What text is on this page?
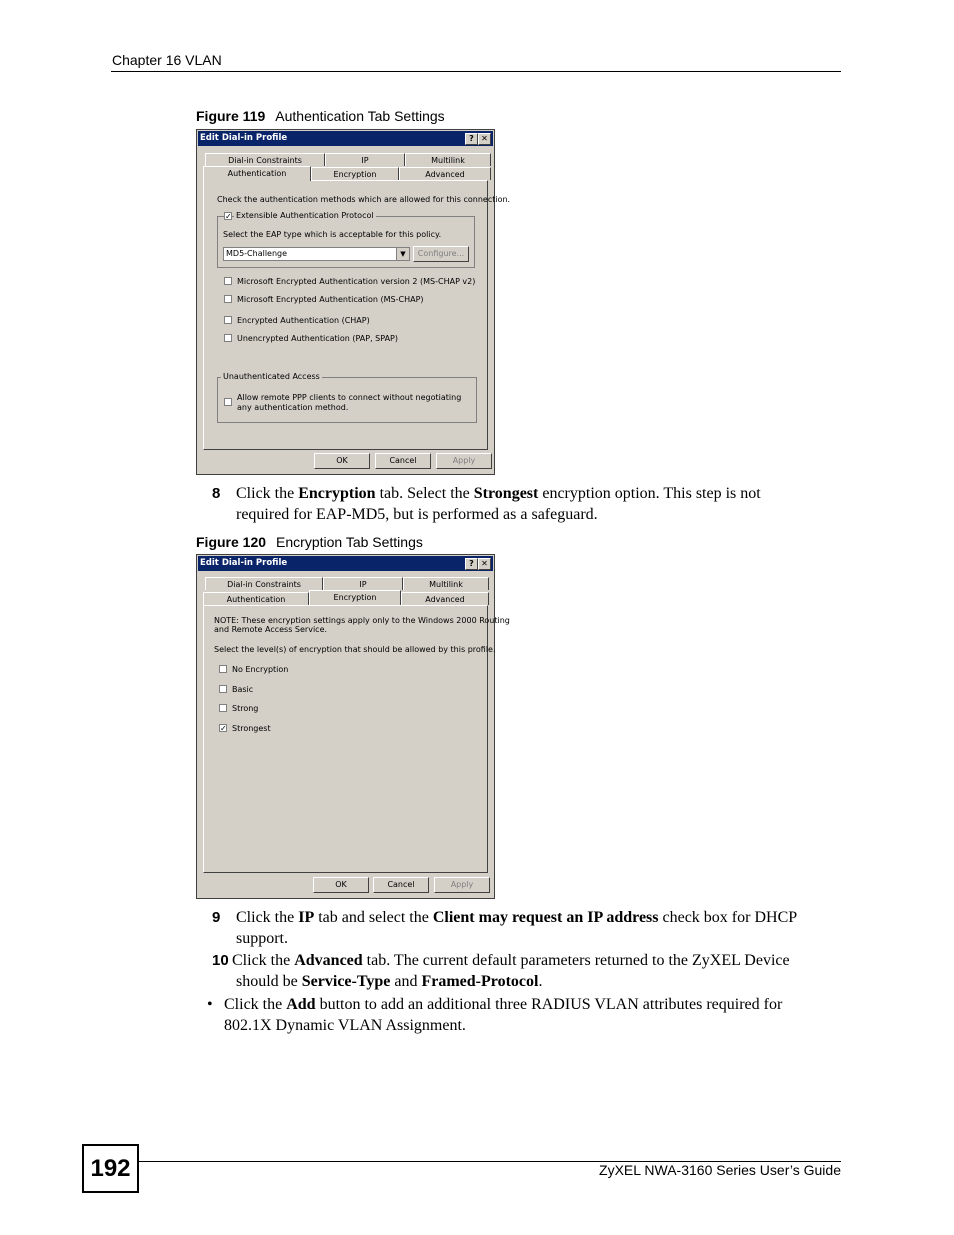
Chapter 16 VLAN
Figure 119 Authentication Tab Settings
Edit Dial-in Profile	? ✕
Dial-in Constraints	IP	Multilink
Authentication	Encryption	Advanced
Check the authentication methods which are allowed for this connection.
✓ Extensible Authentication Protocol
Select the EAP type which is acceptable for this policy.
MD5-Challenge	▼	Configure...
Microsoft Encrypted Authentication version 2 (MS-CHAP v2)
Microsoft Encrypted Authentication (MS-CHAP)
Encrypted Authentication (CHAP)
Unencrypted Authentication (PAP, SPAP)
Unauthenticated Access
Allow remote PPP clients to connect without negotiating
any authentication method.
OK	Cancel	Apply
8 Click the Encryption tab. Select the Strongest encryption option. This step is not
required for EAP-MD5, but is performed as a safeguard.
Figure 120 Encryption Tab Settings
Edit Dial-in Profile	? ✕
Dial-in Constraints	IP	Multilink
Authentication	Encryption	Advanced
NOTE: These encryption settings apply only to the Windows 2000 Routing
and Remote Access Service.
Select the level(s) of encryption that should be allowed by this profile.
No Encryption
Basic
Strong
✓ Strongest
OK	Cancel	Apply
9 Click the IP tab and select the Client may request an IP address check box for DHCP
support.
10 Click the Advanced tab. The current default parameters returned to the ZyXEL Device
should be Service-Type and Framed-Protocol.
• Click the Add button to add an additional three RADIUS VLAN attributes required for
802.1X Dynamic VLAN Assignment.
192	ZyXEL NWA-3160 Series User’s Guide
